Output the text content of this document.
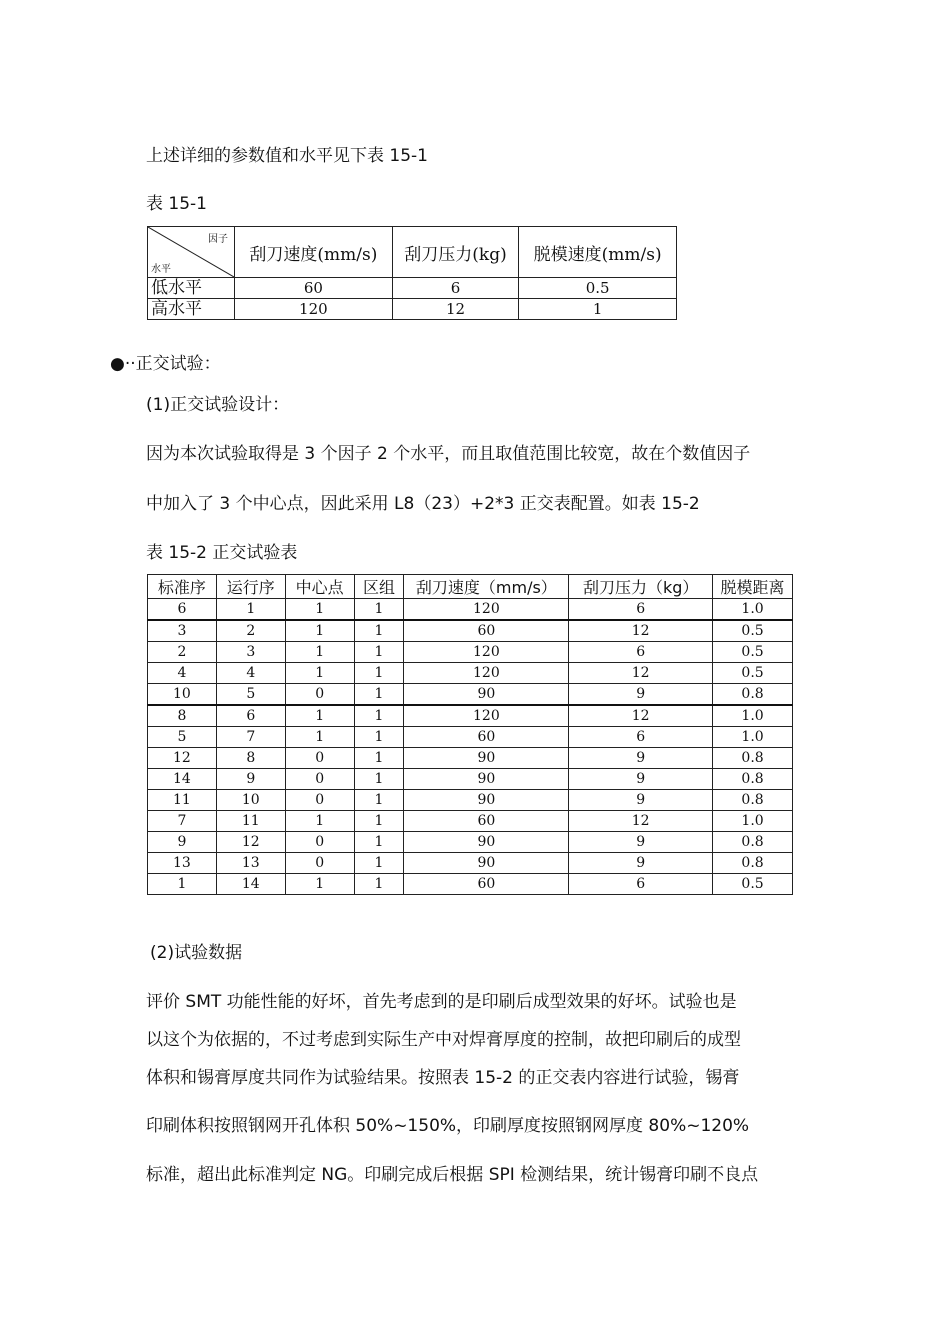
上述详细的参数值和水平见下表 15-1

表 15-1

因子
水平	刮刀速度(mm/s)	刮刀压力(kg)	脱模速度(mm/s)
低水平	60	6	0.5
高水平	120	12	1

●··正交试验：

(1)正交试验设计：

因为本次试验取得是 3 个因子 2 个水平，而且取值范围比较宽，故在个数值因子

中加入了 3 个中心点，因此采用 L8（23）+2*3 正交表配置。如表 15-2

表 15-2 正交试验表

标准序	运行序	中心点	区组	刮刀速度（mm/s）	刮刀压力（kg）	脱模距离
6	1	1	1	120	6	1.0
3	2	1	1	60	12	0.5
2	3	1	1	120	6	0.5
4	4	1	1	120	12	0.5
10	5	0	1	90	9	0.8
8	6	1	1	120	12	1.0
5	7	1	1	60	6	1.0
12	8	0	1	90	9	0.8
14	9	0	1	90	9	0.8
11	10	0	1	90	9	0.8
7	11	1	1	60	12	1.0
9	12	0	1	90	9	0.8
13	13	0	1	90	9	0.8
1	14	1	1	60	6	0.5

(2)试验数据

评价 SMT 功能性能的好坏，首先考虑到的是印刷后成型效果的好坏。试验也是

以这个为依据的，不过考虑到实际生产中对焊膏厚度的控制，故把印刷后的成型

体积和锡膏厚度共同作为试验结果。按照表 15-2 的正交表内容进行试验，锡膏

印刷体积按照钢网开孔体积 50%~150%，印刷厚度按照钢网厚度 80%~120%

标准，超出此标准判定 NG。印刷完成后根据 SPI 检测结果，统计锡膏印刷不良点
